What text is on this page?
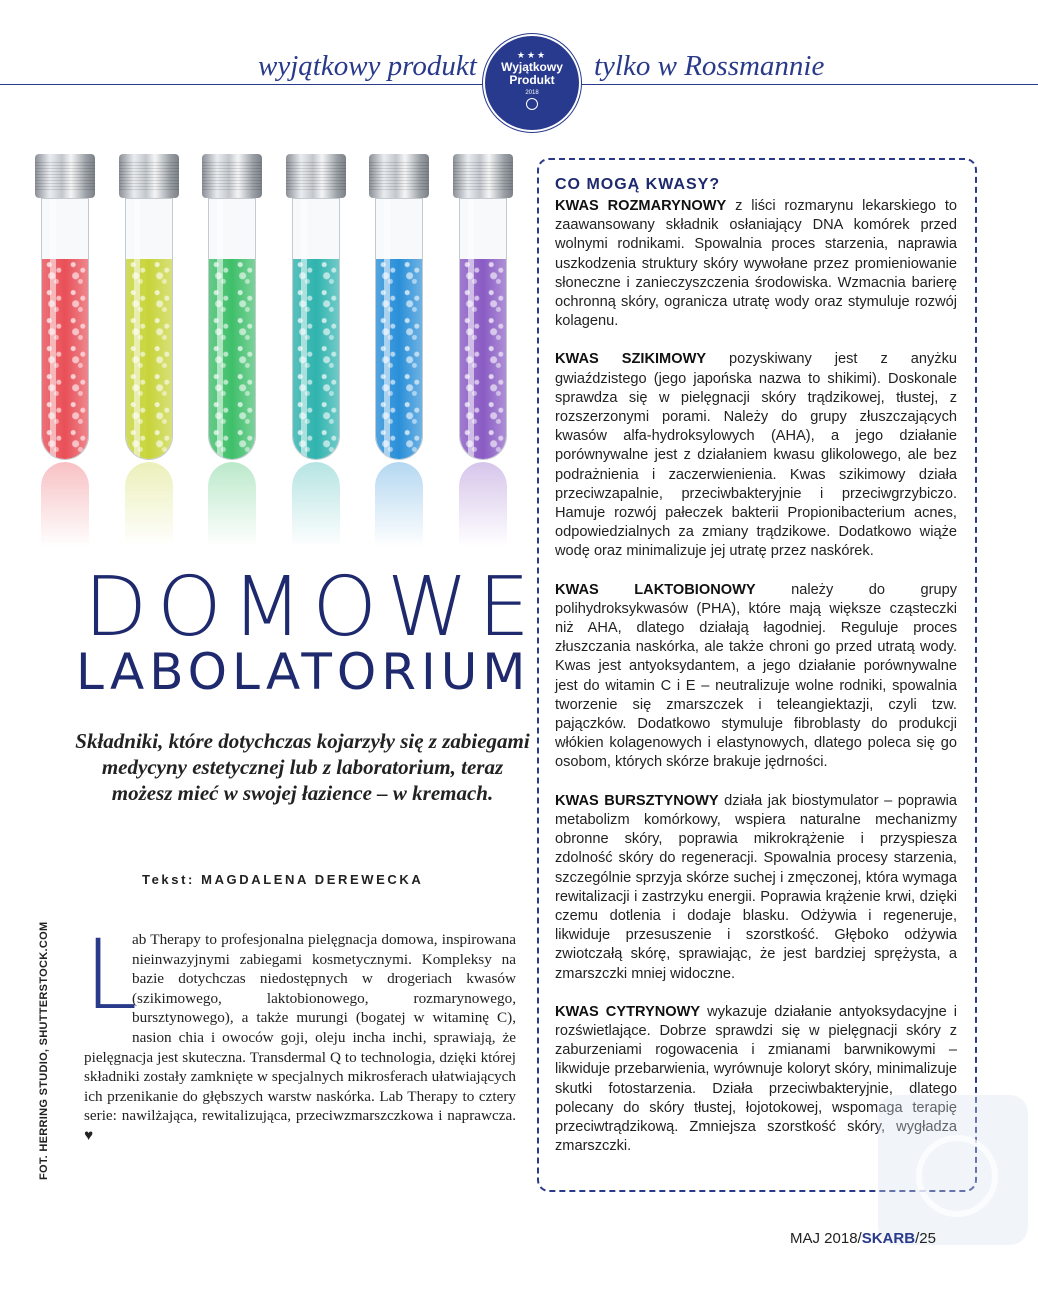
wyjątkowy produkt	tylko w Rossmannie
★★★
Wyjątkowy
Produkt
2018
DOMOWE
LABOLATORIUM
Składniki, które dotychczas kojarzyły się z zabiegami medycyny estetycznej lub z laboratorium, teraz możesz mieć w swojej łazience – w kremach.
Tekst: MAGDALENA DEREWECKA
FOT. HERRING STUDIO, SHUTTERSTOCK.COM L
ab Therapy to profesjonalna pielęgnacja domowa, inspirowana nieinwazyjnymi zabiegami kosmetycznymi. Kompleksy na bazie dotychczas niedostępnych w drogeriach kwasów (szikimowego, laktobionowego, rozmarynowego, bursztynowego), a także murungi (bogatej w witaminę C), nasion chia i owoców goji, oleju incha inchi, sprawiają, że pielęgnacja jest skuteczna. Transdermal Q to technologia, dzięki której składniki zostały zamknięte w specjalnych mikrosferach ułatwiających ich przenikanie do głębszych warstw naskórka. Lab Therapy to cztery serie: nawilżająca, rewitalizująca, przeciwzmarszczkowa i naprawcza. ♥
CO MOGĄ KWASY?

KWAS ROZMARYNOWY z liści rozmarynu lekarskiego to zaawansowany składnik osłaniający DNA komórek przed wolnymi rodnikami. Spowalnia proces starzenia, naprawia uszkodzenia struktury skóry wywołane przez promieniowanie słoneczne i zanieczyszczenia środowiska. Wzmacnia barierę ochronną skóry, ogranicza utratę wody oraz stymuluje rozwój kolagenu.

KWAS SZIKIMOWY pozyskiwany jest z anyżku gwiaździstego (jego japońska nazwa to shikimi). Doskonale sprawdza się w pielęgnacji skóry trądzikowej, tłustej, z rozszerzonymi porami. Należy do grupy złuszczających kwasów alfa-hydroksylowych (AHA), a jego działanie porównywalne jest z działaniem kwasu glikolowego, ale bez podrażnienia i zaczerwienienia. Kwas szikimowy działa przeciwzapalnie, przeciwbakteryjnie i przeciwgrzybiczo. Hamuje rozwój pałeczek bakterii Propionibacterium acnes, odpowiedzialnych za zmiany trądzikowe. Dodatkowo wiąże wodę oraz minimalizuje jej utratę przez naskórek.

KWAS LAKTOBIONOWY należy do grupy polihydroksykwasów (PHA), które mają większe cząsteczki niż AHA, dlatego działają łagodniej. Reguluje proces złuszczania naskórka, ale także chroni go przed utratą wody. Kwas jest antyoksydantem, a jego działanie porównywalne jest do witamin C i E – neutralizuje wolne rodniki, spowalnia tworzenie się zmarszczek i teleangiektazji, czyli tzw. pajączków. Dodatkowo stymuluje fibroblasty do produkcji włókien kolagenowych i elastynowych, dlatego poleca się go osobom, których skórze brakuje jędrności.

KWAS BURSZTYNOWY działa jak biostymulator – poprawia metabolizm komórkowy, wspiera naturalne mechanizmy obronne skóry, poprawia mikrokrążenie i przyspiesza zdolność skóry do regeneracji. Spowalnia procesy starzenia, szczególnie sprzyja skórze suchej i zmęczonej, która wymaga rewitalizacji i zastrzyku energii. Poprawia krążenie krwi, dzięki czemu dotlenia i dodaje blasku. Odżywia i regeneruje, likwiduje przesuszenie i szorstkość. Głęboko odżywia zwiotczałą skórę, sprawiając, że jest bardziej sprężysta, a zmarszczki mniej widoczne.

KWAS CYTRYNOWY wykazuje działanie antyoksydacyjne i rozświetlające. Dobrze sprawdzi się w pielęgnacji skóry z zaburzeniami rogowacenia i zmianami barwnikowymi – likwiduje przebarwienia, wyrównuje koloryt skóry, minimalizuje skutki fotostarzenia. Działa przeciwbakteryjnie, dlatego polecany do skóry tłustej, łojotokowej, wspomaga terapię przeciwtrądzikową. Zmniejsza szorstkość skóry, wygładza zmarszczki.

MAJ 2018/SKARB/25
